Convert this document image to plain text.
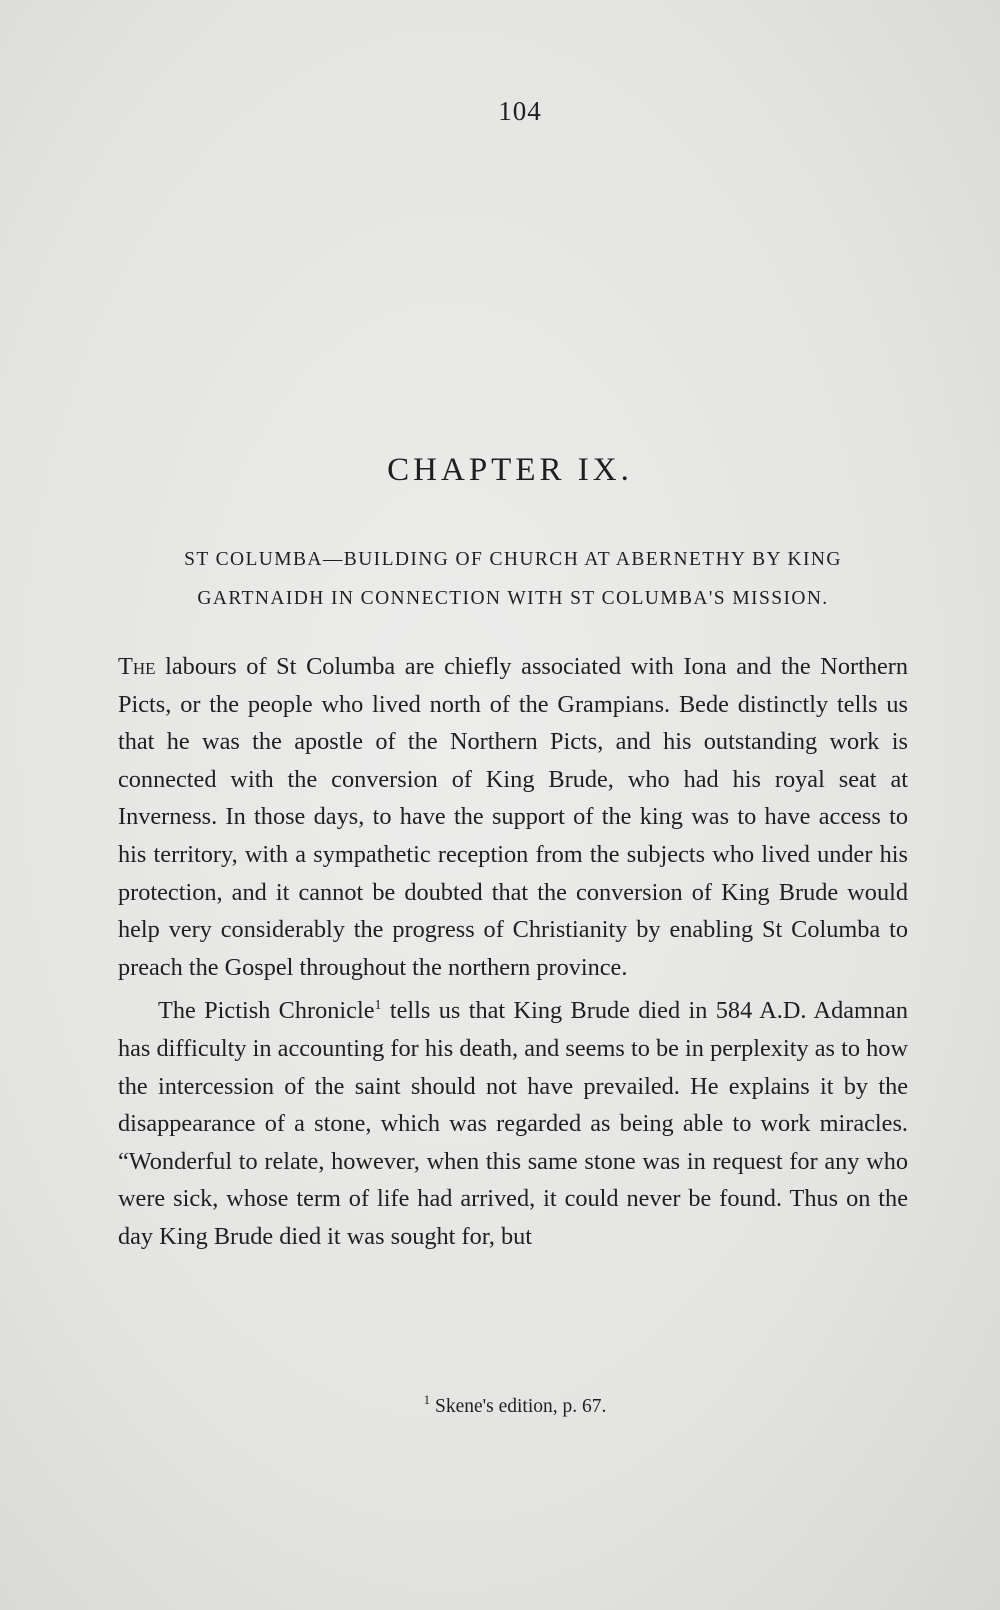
104
CHAPTER IX.
ST COLUMBA—BUILDING OF CHURCH AT ABERNETHY BY KING GARTNAIDH IN CONNECTION WITH ST COLUMBA'S MISSION.

The labours of St Columba are chiefly associated with Iona and the Northern Picts, or the people who lived north of the Grampians. Bede distinctly tells us that he was the apostle of the Northern Picts, and his outstanding work is connected with the conversion of King Brude, who had his royal seat at Inverness. In those days, to have the support of the king was to have access to his territory, with a sympathetic reception from the subjects who lived under his protection, and it cannot be doubted that the conversion of King Brude would help very considerably the progress of Christianity by enabling St Columba to preach the Gospel throughout the northern province.

The Pictish Chronicle$^1$ tells us that King Brude died in 584 A.D. Adamnan has difficulty in accounting for his death, and seems to be in perplexity as to how the intercession of the saint should not have prevailed. He explains it by the disappearance of a stone, which was regarded as being able to work miracles. “Wonderful to relate, however, when this same stone was in request for any who were sick, whose term of life had arrived, it could never be found. Thus on the day King Brude died it was sought for, but

$^1$ Skene's edition, p. 67.
